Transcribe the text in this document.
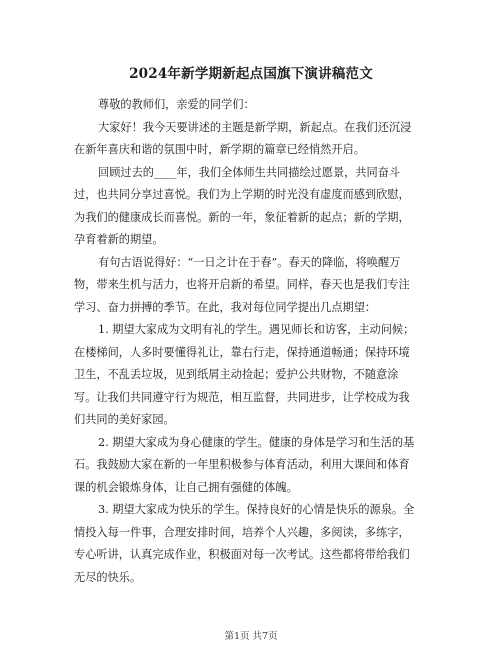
2024年新学期新起点国旗下演讲稿范文
尊敬的教师们，亲爱的同学们：
大家好！我今天要讲述的主题是新学期，新起点。在我们还沉浸
在新年喜庆和谐的氛围中时，新学期的篇章已经悄然开启。
回顾过去的____年，我们全体师生共同描绘过愿景，共同奋斗
过，也共同分享过喜悦。我们为上学期的时光没有虚度而感到欣慰，
为我们的健康成长而喜悦。新的一年，象征着新的起点；新的学期，
孕育着新的期望。
有句古语说得好：“一日之计在于春”。春天的降临，将唤醒万
物，带来生机与活力，也将开启新的希望。同样，春天也是我们专注
学习、奋力拼搏的季节。在此，我对每位同学提出几点期望：
1. 期望大家成为文明有礼的学生。遇见师长和访客，主动问候；
在楼梯间，人多时要懂得礼让，靠右行走，保持通道畅通；保持环境
卫生，不乱丢垃圾，见到纸屑主动捡起；爱护公共财物，不随意涂
写。让我们共同遵守行为规范，相互监督，共同进步，让学校成为我
们共同的美好家园。
2. 期望大家成为身心健康的学生。健康的身体是学习和生活的基
石。我鼓励大家在新的一年里积极参与体育活动，利用大课间和体育
课的机会锻炼身体，让自己拥有强健的体魄。
3. 期望大家成为快乐的学生。保持良好的心情是快乐的源泉。全
情投入每一件事，合理安排时间，培养个人兴趣，多阅读，多练字，
专心听讲，认真完成作业，积极面对每一次考试。这些都将带给我们
无尽的快乐。
第1页 共7页
